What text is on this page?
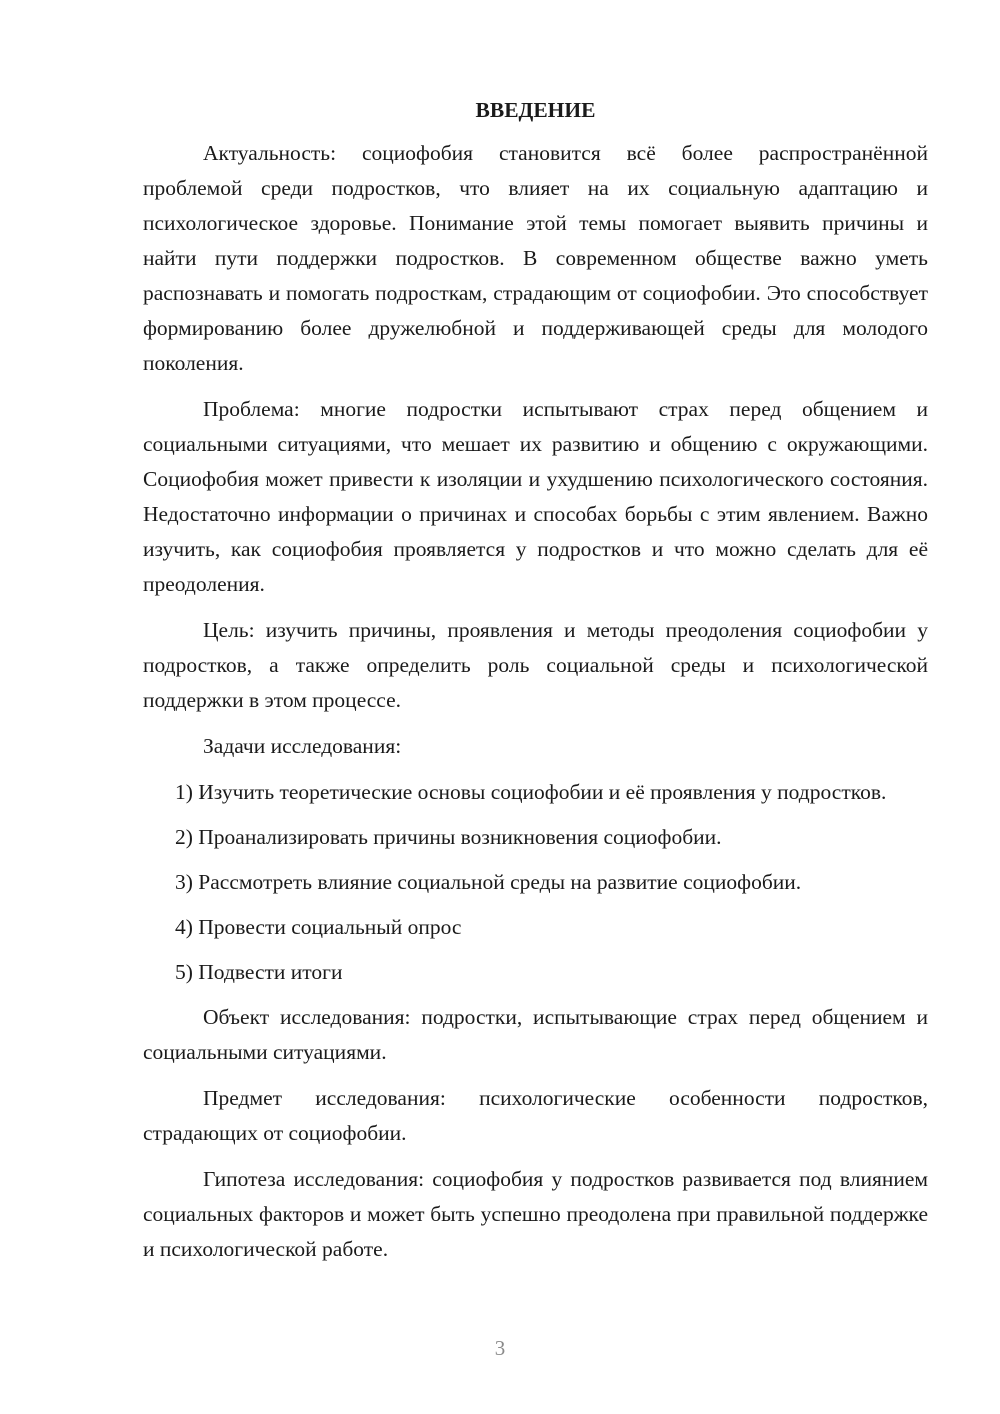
ВВЕДЕНИЕ

Актуальность: социофобия становится всё более распространённой проблемой среди подростков, что влияет на их социальную адаптацию и психологическое здоровье. Понимание этой темы помогает выявить причины и найти пути поддержки подростков. В современном обществе важно уметь распознавать и помогать подросткам, страдающим от социофобии. Это способствует формированию более дружелюбной и поддерживающей среды для молодого поколения.

Проблема: многие подростки испытывают страх перед общением и социальными ситуациями, что мешает их развитию и общению с окружающими. Социофобия может привести к изоляции и ухудшению психологического состояния. Недостаточно информации о причинах и способах борьбы с этим явлением. Важно изучить, как социофобия проявляется у подростков и что можно сделать для её преодоления.

Цель: изучить причины, проявления и методы преодоления социофобии у подростков, а также определить роль социальной среды и психологической поддержки в этом процессе.

Задачи исследования:

1) Изучить теоретические основы социофобии и её проявления у подростков.

2) Проанализировать причины возникновения социофобии.

3) Рассмотреть влияние социальной среды на развитие социофобии.

4) Провести социальный опрос

5) Подвести итоги

Объект исследования: подростки, испытывающие страх перед общением и социальными ситуациями.

Предмет исследования: психологические особенности подростков, страдающих от социофобии.

Гипотеза исследования: социофобия у подростков развивается под влиянием социальных факторов и может быть успешно преодолена при правильной поддержке и психологической работе.

3
